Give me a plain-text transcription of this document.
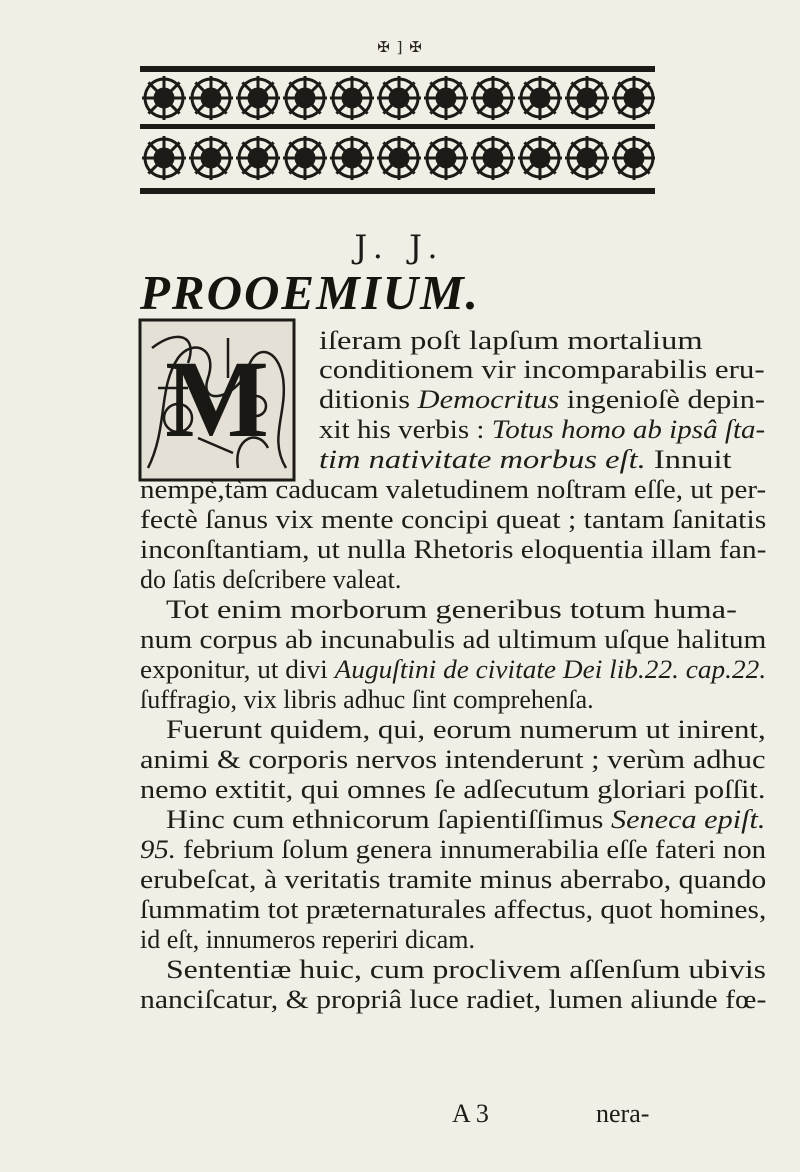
✠ ] ✠
J. J.
PROOEMIUM.
M iſeram poſt lapſum mortalium
conditionem vir incomparabilis eru-
ditionis Democritus ingenioſè depin-
xit his verbis : Totus homo ab ipsâ ſta-
tim nativitate morbus eſt. Innuit
nempè,tàm caducam valetudinem noſtram eſſe, ut per-
fectè ſanus vix mente concipi queat ; tantam ſanitatis
inconſtantiam, ut nulla Rhetoris eloquentia illam fan-
do ſatis deſcribere valeat.
Tot enim morborum generibus totum huma-
num corpus ab incunabulis ad ultimum uſque halitum
exponitur, ut divi Auguſtini de civitate Dei lib.22. cap.22.
ſuffragio, vix libris adhuc ſint comprehenſa.
Fuerunt quidem, qui, eorum numerum ut inirent,
animi & corporis nervos intenderunt ; verùm adhuc
nemo extitit, qui omnes ſe adſecutum gloriari poſſit.
Hinc cum ethnicorum ſapientiſſimus Seneca epiſt.
95. febrium ſolum genera innumerabilia eſſe fateri non
erubeſcat, à veritatis tramite minus aberrabo, quando
ſummatim tot præternaturales affectus, quot homines,
id eſt, innumeros reperiri dicam.
Sententiæ huic, cum proclivem aſſenſum ubivis
nanciſcatur, & propriâ luce radiet, lumen aliunde fœ-
A 3	nera-
